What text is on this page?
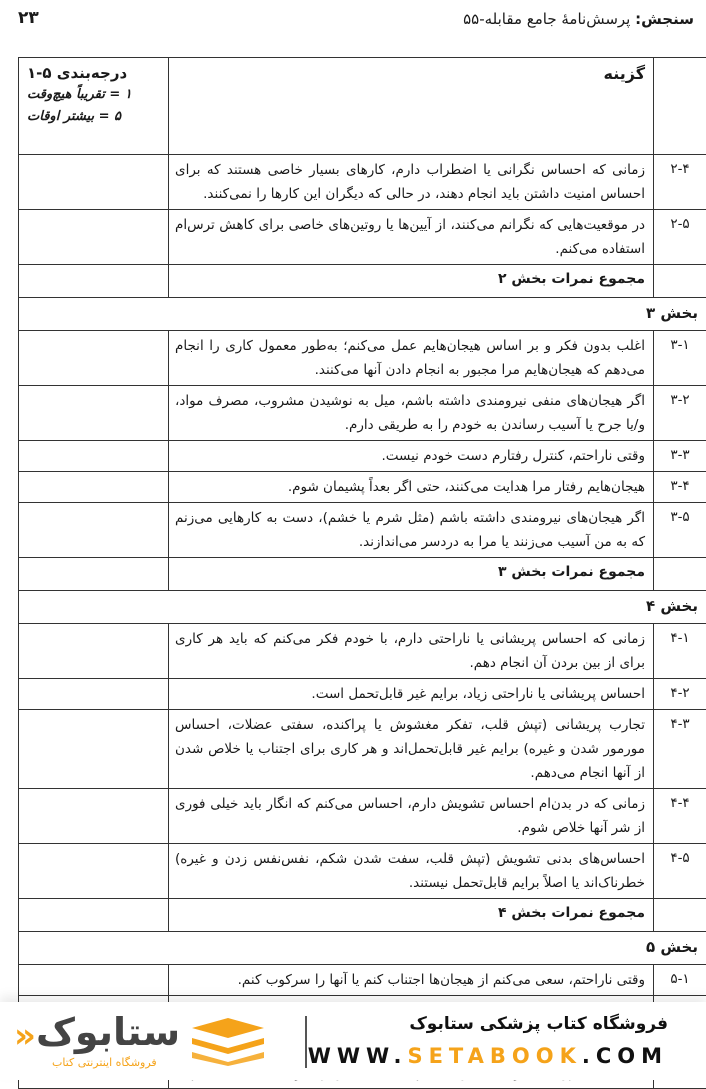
سنجش: پرسش‌نامۀ جامع مقابله-۵۵
۲۳
	گزینه	درجه‌بندی ۵-۱
۱ = تقریباً هیچ‌وقت
۵ = بیشتر اوقات

۲-۴	زمانی که احساس نگرانی یا اضطراب دارم، کارهای بسیار خاصی هستند که برای احساس امنیت داشتن باید انجام دهند، در حالی که دیگران این کارها را نمی‌کنند.	
۲-۵	در موقعیت‌هایی که نگرانم می‌کنند، از آیین‌ها یا روتین‌های خاصی برای کاهش ترس‌ام استفاده می‌کنم.	
	مجموع نمرات بخش ۲	
بخش ۳		
۳-۱	اغلب بدون فکر و بر اساس هیجان‌هایم عمل می‌کنم؛ به‌طور معمول کاری را انجام می‌دهم که هیجان‌هایم مرا مجبور به انجام دادن آنها می‌کنند.	
۳-۲	اگر هیجان‌های منفی نیرومندی داشته باشم، میل به نوشیدن مشروب، مصرف مواد، و/یا جرح یا آسیب رساندن به خودم را به طریقی دارم.	
۳-۳	وقتی ناراحتم، کنترل رفتارم دست خودم نیست.	
۳-۴	هیجان‌هایم رفتار مرا هدایت می‌کنند، حتی اگر بعداً پشیمان شوم.	
۳-۵	اگر هیجان‌های نیرومندی داشته باشم (مثل شرم یا خشم)، دست به کارهایی می‌زنم که به من آسیب می‌زنند یا مرا به دردسر می‌اندازند.	
	مجموع نمرات بخش ۳	
بخش ۴		
۴-۱	زمانی که احساس پریشانی یا ناراحتی دارم، با خودم فکر می‌کنم که باید هر کاری برای از بین بردن آن انجام دهم.	
۴-۲	احساس پریشانی یا ناراحتی زیاد، برایم غیر قابل‌تحمل است.	
۴-۳	تجارب پریشانی (تپش قلب، تفکر مغشوش یا پراکنده، سفتی عضلات، احساس مورمور شدن و غیره) برایم غیر قابل‌تحمل‌اند و هر کاری برای اجتناب یا خلاص شدن از آنها انجام می‌دهم.	
۴-۴	زمانی که در بدن‌ام احساس تشویش دارم، احساس می‌کنم که انگار باید خیلی فوری از شر آنها خلاص شوم.	
۴-۵	احساس‌های بدنی تشویش (تپش قلب، سفت شدن شکم، نفس‌نفس زدن و غیره) خطرناک‌اند یا اصلاً برایم قابل‌تحمل نیستند.	
	مجموع نمرات بخش ۴	
بخش ۵		
۵-۱	وقتی ناراحتم، سعی می‌کنم از هیجان‌ها اجتناب کنم یا آنها را سرکوب کنم.	

فروشگاه کتاب پزشکی ستابوک
WWW.SETABOOK.COM
ستابوک
فروشگاه اینترنتی کتاب
«
